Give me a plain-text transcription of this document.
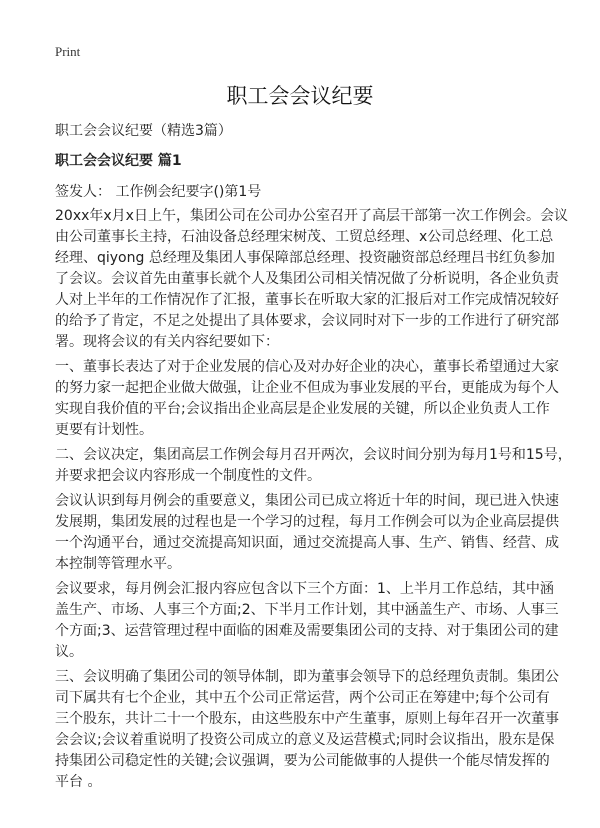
Print
职工会会议纪要
职工会会议纪要（精选3篇）
职工会会议纪要 篇1
签发人： 工作例会纪要字()第1号
20xx年x月x日上午，集团公司在公司办公室召开了高层干部第一次工作例会。会议
由公司董事长主持，石油设备总经理宋树茂、工贸总经理、x公司总经理、化工总
经理、qiyong 总经理及集团人事保障部总经理、投资融资部总经理吕书红负参加
了会议。会议首先由董事长就个人及集团公司相关情况做了分析说明，各企业负责
人对上半年的工作情况作了汇报，董事长在听取大家的汇报后对工作完成情况较好
的给予了肯定，不足之处提出了具体要求，会议同时对下一步的工作进行了研究部
署。现将会议的有关内容纪要如下：
一、董事长表达了对于企业发展的信心及对办好企业的决心，董事长希望通过大家
的努力家一起把企业做大做强，让企业不但成为事业发展的平台，更能成为每个人
实现自我价值的平台;会议指出企业高层是企业发展的关键，所以企业负责人工作
更要有计划性。
二、会议决定，集团高层工作例会每月召开两次，会议时间分别为每月1号和15号，
并要求把会议内容形成一个制度性的文件。
会议认识到每月例会的重要意义，集团公司已成立将近十年的时间，现已进入快速
发展期，集团发展的过程也是一个学习的过程，每月工作例会可以为企业高层提供
一个沟通平台，通过交流提高知识面，通过交流提高人事、生产、销售、经营、成
本控制等管理水平。
会议要求，每月例会汇报内容应包含以下三个方面：1、上半月工作总结，其中涵
盖生产、市场、人事三个方面;2、下半月工作计划，其中涵盖生产、市场、人事三
个方面;3、运营管理过程中面临的困难及需要集团公司的支持、对于集团公司的建
议。
三、会议明确了集团公司的领导体制，即为董事会领导下的总经理负责制。集团公
司下属共有七个企业，其中五个公司正常运营，两个公司正在筹建中;每个公司有
三个股东，共计二十一个股东，由这些股东中产生董事，原则上每年召开一次董事
会会议;会议着重说明了投资公司成立的意义及运营模式;同时会议指出，股东是保
持集团公司稳定性的关键;会议强调，要为公司能做事的人提供一个能尽情发挥的
平台 。
